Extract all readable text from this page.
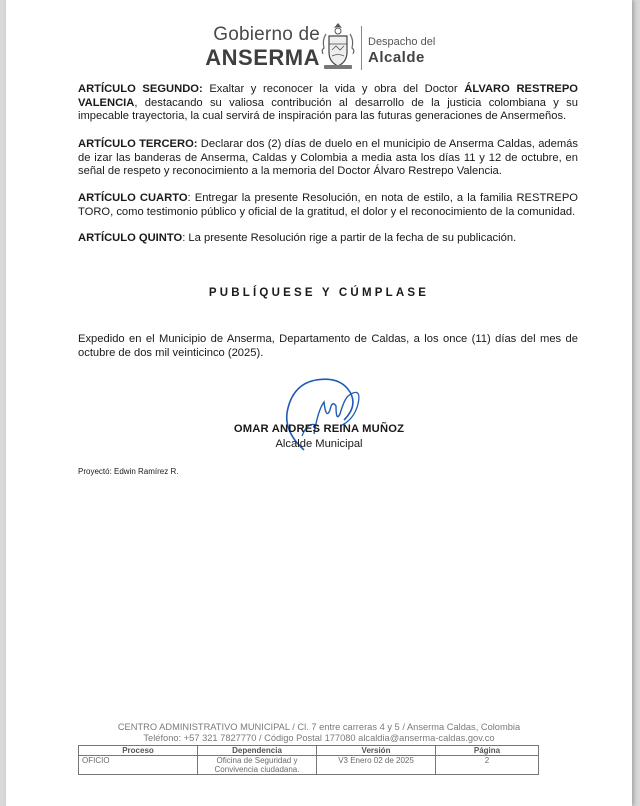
Gobierno de
ANSERMA
Despacho del
Alcalde
ARTÍCULO SEGUNDO: Exaltar y reconocer la vida y obra del Doctor ÁLVARO RESTREPO VALENCIA, destacando su valiosa contribución al desarrollo de la justicia colombiana y su impecable trayectoria, la cual servirá de inspiración para las futuras generaciones de Ansermeños.
ARTÍCULO TERCERO: Declarar dos (2) días de duelo en el municipio de Anserma Caldas, además de izar las banderas de Anserma, Caldas y Colombia a media asta los días 11 y 12 de octubre, en señal de respeto y reconocimiento a la memoria del Doctor Álvaro Restrepo Valencia.
ARTÍCULO CUARTO: Entregar la presente Resolución, en nota de estilo, a la familia RESTREPO TORO, como testimonio público y oficial de la gratitud, el dolor y el reconocimiento de la comunidad.
ARTÍCULO QUINTO: La presente Resolución rige a partir de la fecha de su publicación.
PUBLÍQUESE Y CÚMPLASE
Expedido en el Municipio de Anserma, Departamento de Caldas, a los once (11) días del mes de octubre de dos mil veinticinco (2025).
OMAR ANDRES REINA MUÑOZ
Alcalde Municipal
Proyectó: Edwin Ramírez R.
CENTRO ADMINISTRATIVO MUNICIPAL / Cl. 7 entre carreras 4 y 5 / Anserma Caldas, Colombia
Teléfono: +57 321 7827770 / Código Postal 177080 alcaldia@anserma-caldas.gov.co
Proceso	Dependencia	Versión	Página
OFICIO	Oficina de Seguridad y Convivencia ciudadana.	V3 Enero 02 de 2025	2
